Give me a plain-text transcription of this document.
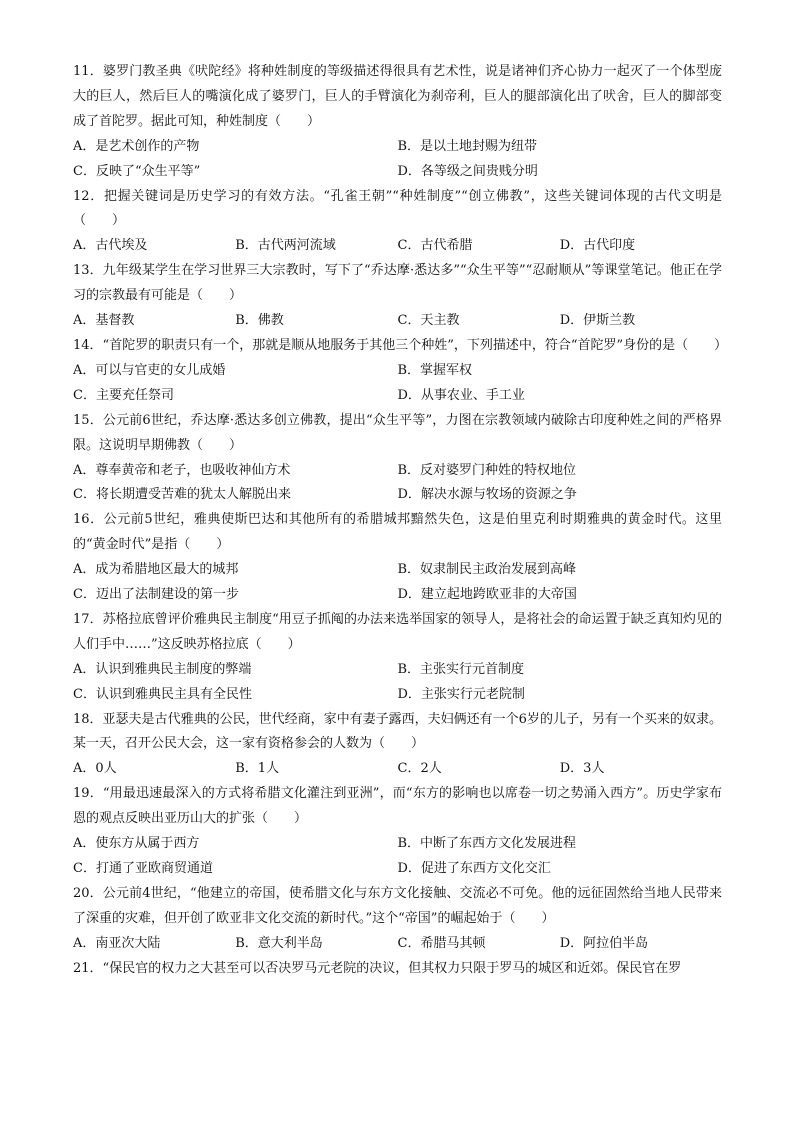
11．婆罗门教圣典《吠陀经》将种姓制度的等级描述得很具有艺术性，说是诸神们齐心协力一起灭了一个体型庞大的巨人，然后巨人的嘴演化成了婆罗门，巨人的手臂演化为刹帝利，巨人的腿部演化出了吠舍，巨人的脚部变成了首陀罗。据此可知，种姓制度（　　）

A．是艺术创作的产物	B．是以土地封赐为纽带
C．反映了“众生平等”	D．各等级之间贵贱分明

12．把握关键词是历史学习的有效方法。“孔雀王朝”“种姓制度”“创立佛教”，这些关键词体现的古代文明是（　　）

A．古代埃及	B．古代两河流域	C．古代希腊	D．古代印度

13．九年级某学生在学习世界三大宗教时，写下了“乔达摩·悉达多”“众生平等”“忍耐顺从”等课堂笔记。他正在学习的宗教最有可能是（　　）

A．基督教	B．佛教	C．天主教	D．伊斯兰教

14．“首陀罗的职责只有一个，那就是顺从地服务于其他三个种姓”，下列描述中，符合“首陀罗”身份的是（　　）

A．可以与官吏的女儿成婚	B．掌握军权
C．主要充任祭司	D．从事农业、手工业

15．公元前6世纪，乔达摩·悉达多创立佛教，提出“众生平等”，力图在宗教领域内破除古印度种姓之间的严格界限。这说明早期佛教（　　）

A．尊奉黄帝和老子，也吸收神仙方术	B．反对婆罗门种姓的特权地位
C．将长期遭受苦难的犹太人解脱出来	D．解决水源与牧场的资源之争

16．公元前5世纪，雅典使斯巴达和其他所有的希腊城邦黯然失色，这是伯里克利时期雅典的黄金时代。这里的“黄金时代”是指（　　）

A．成为希腊地区最大的城邦	B．奴隶制民主政治发展到高峰
C．迈出了法制建设的第一步	D．建立起地跨欧亚非的大帝国

17．苏格拉底曾评价雅典民主制度“用豆子抓阄的办法来选举国家的领导人，是将社会的命运置于缺乏真知灼见的人们手中……”这反映苏格拉底（　　）

A．认识到雅典民主制度的弊端	B．主张实行元首制度
C．认识到雅典民主具有全民性	D．主张实行元老院制

18．亚瑟夫是古代雅典的公民，世代经商，家中有妻子露西，夫妇俩还有一个6岁的儿子，另有一个买来的奴隶。某一天，召开公民大会，这一家有资格参会的人数为（　　）

A．0人	B．1人	C．2人	D．3人

19．“用最迅速最深入的方式将希腊文化灌注到亚洲”，而“东方的影响也以席卷一切之势涌入西方”。历史学家布恩的观点反映出亚历山大的扩张（　　）

A．使东方从属于西方	B．中断了东西方文化发展进程
C．打通了亚欧商贸通道	D．促进了东西方文化交汇

20．公元前4世纪，“他建立的帝国，使希腊文化与东方文化接触、交流必不可免。他的远征固然给当地人民带来了深重的灾难，但开创了欧亚非文化交流的新时代。”这个“帝国”的崛起始于（　　）

A．南亚次大陆	B．意大利半岛	C．希腊马其顿	D．阿拉伯半岛

21．“保民官的权力之大甚至可以否决罗马元老院的决议，但其权力只限于罗马的城区和近郊。保民官在罗
